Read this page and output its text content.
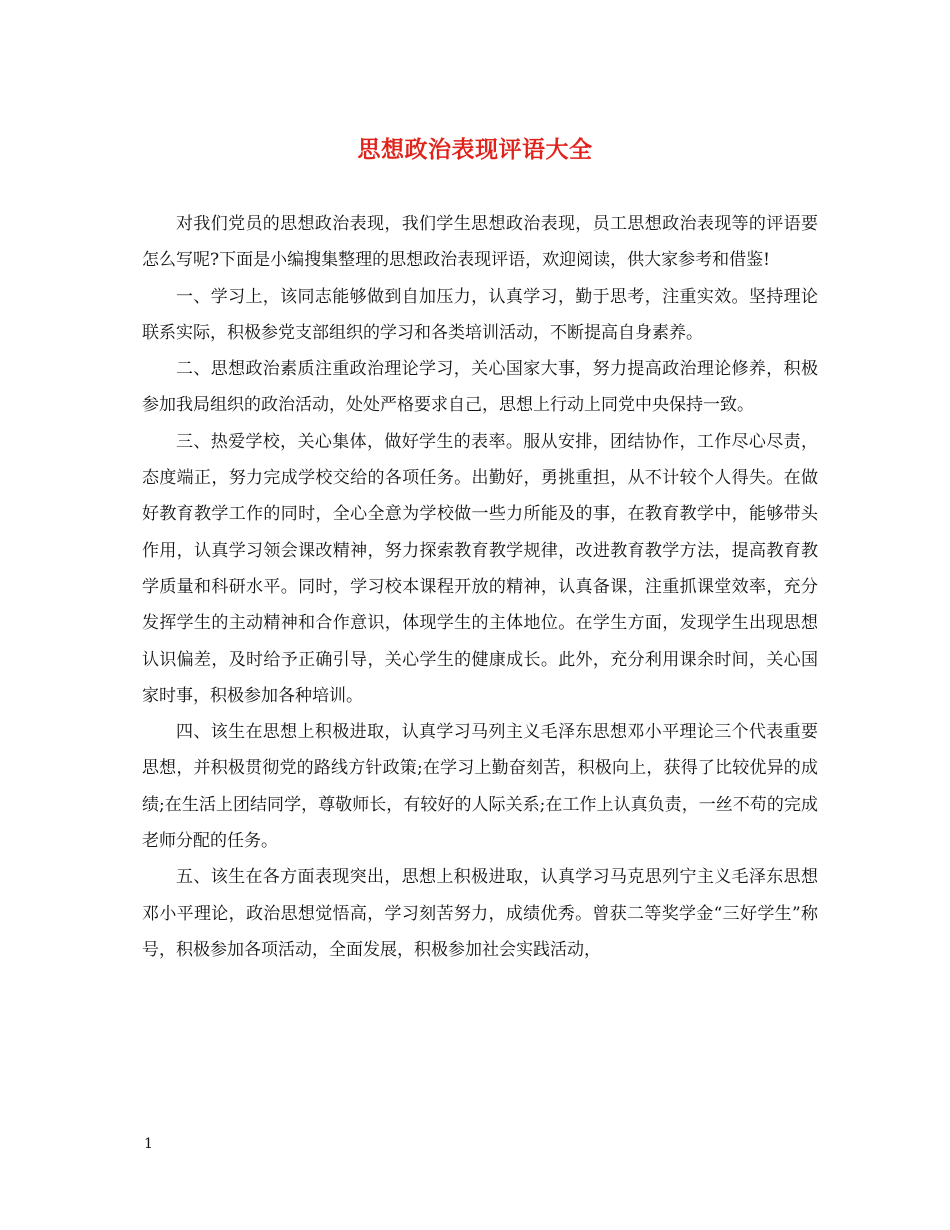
思想政治表现评语大全

对我们党员的思想政治表现，我们学生思想政治表现，员工思想政治表现等的评语要怎么写呢?下面是小编搜集整理的思想政治表现评语，欢迎阅读，供大家参考和借鉴!

一、学习上，该同志能够做到自加压力，认真学习，勤于思考，注重实效。坚持理论联系实际，积极参党支部组织的学习和各类培训活动，不断提高自身素养。

二、思想政治素质注重政治理论学习，关心国家大事，努力提高政治理论修养，积极参加我局组织的政治活动，处处严格要求自己，思想上行动上同党中央保持一致。

三、热爱学校，关心集体，做好学生的表率。服从安排，团结协作，工作尽心尽责，态度端正，努力完成学校交给的各项任务。出勤好，勇挑重担，从不计较个人得失。在做好教育教学工作的同时，全心全意为学校做一些力所能及的事，在教育教学中，能够带头作用，认真学习领会课改精神，努力探索教育教学规律，改进教育教学方法，提高教育教学质量和科研水平。同时，学习校本课程开放的精神，认真备课，注重抓课堂效率，充分发挥学生的主动精神和合作意识，体现学生的主体地位。在学生方面，发现学生出现思想认识偏差，及时给予正确引导，关心学生的健康成长。此外，充分利用课余时间，关心国家时事，积极参加各种培训。

四、该生在思想上积极进取，认真学习马列主义毛泽东思想邓小平理论三个代表重要思想，并积极贯彻党的路线方针政策;在学习上勤奋刻苦，积极向上，获得了比较优异的成绩;在生活上团结同学，尊敬师长，有较好的人际关系;在工作上认真负责，一丝不苟的完成老师分配的任务。

五、该生在各方面表现突出，思想上积极进取，认真学习马克思列宁主义毛泽东思想邓小平理论，政治思想觉悟高，学习刻苦努力，成绩优秀。曾获二等奖学金“三好学生”称号，积极参加各项活动，全面发展，积极参加社会实践活动，

1
